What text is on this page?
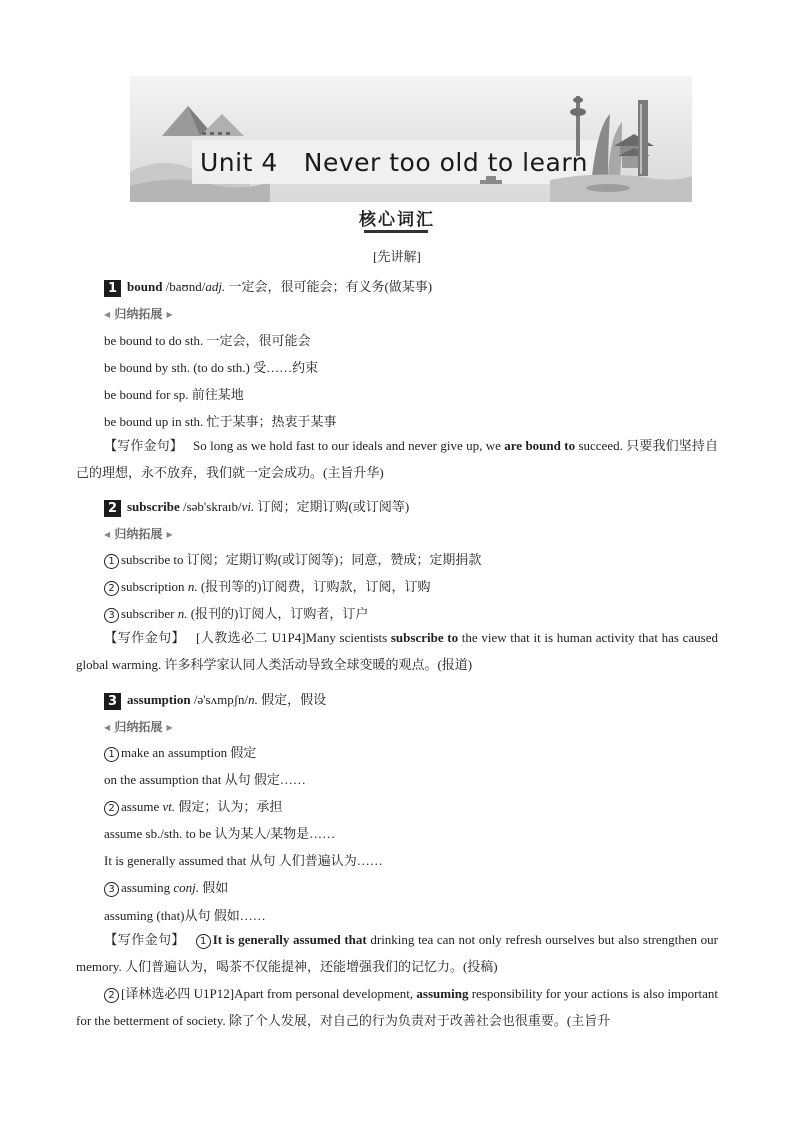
Unit 4 Never too old to learn
核心词汇
[先讲解]
1 bound /baʊnd/adj. 一定会，很可能会；有义务(做某事)
◀ 归纳拓展 ▶
be bound to do sth. 一定会，很可能会
be bound by sth. (to do sth.) 受……约束
be bound for sp. 前往某地
be bound up in sth. 忙于某事；热衷于某事
【写作金句】 So long as we hold fast to our ideals and never give up, we are bound to succeed. 只要我们坚持自己的理想，永不放弃，我们就一定会成功。(主旨升华)
2 subscribe /səb'skraɪb/vi. 订阅；定期订购(或订阅等)
◀ 归纳拓展 ▶
1 subscribe to 订阅；定期订购(或订阅等)；同意，赞成；定期捐款
2 subscription n. (报刊等的)订阅费，订购款，订阅，订购
3 subscriber n. (报刊的)订阅人，订购者，订户
【写作金句】 [人教选必二 U1P4]Many scientists subscribe to the view that it is human activity that has caused global warming. 许多科学家认同人类活动导致全球变暖的观点。(报道)
3 assumption /ə'sʌmpʃn/n. 假定，假设
◀ 归纳拓展 ▶
1 make an assumption 假定
on the assumption that 从句 假定……
2 assume vt. 假定；认为；承担
assume sb./sth. to be 认为某人/某物是……
It is generally assumed that 从句 人们普遍认为……
3 assuming conj. 假如
assuming (that)从句 假如……
【写作金句】 1 It is generally assumed that drinking tea can not only refresh ourselves but also strengthen our memory. 人们普遍认为，喝茶不仅能提神，还能增强我们的记忆力。(投稿)
2 [译林选必四 U1P12]Apart from personal development, assuming responsibility for your actions is also important for the betterment of society. 除了个人发展，对自己的行为负责对于改善社会也很重要。(主旨升
